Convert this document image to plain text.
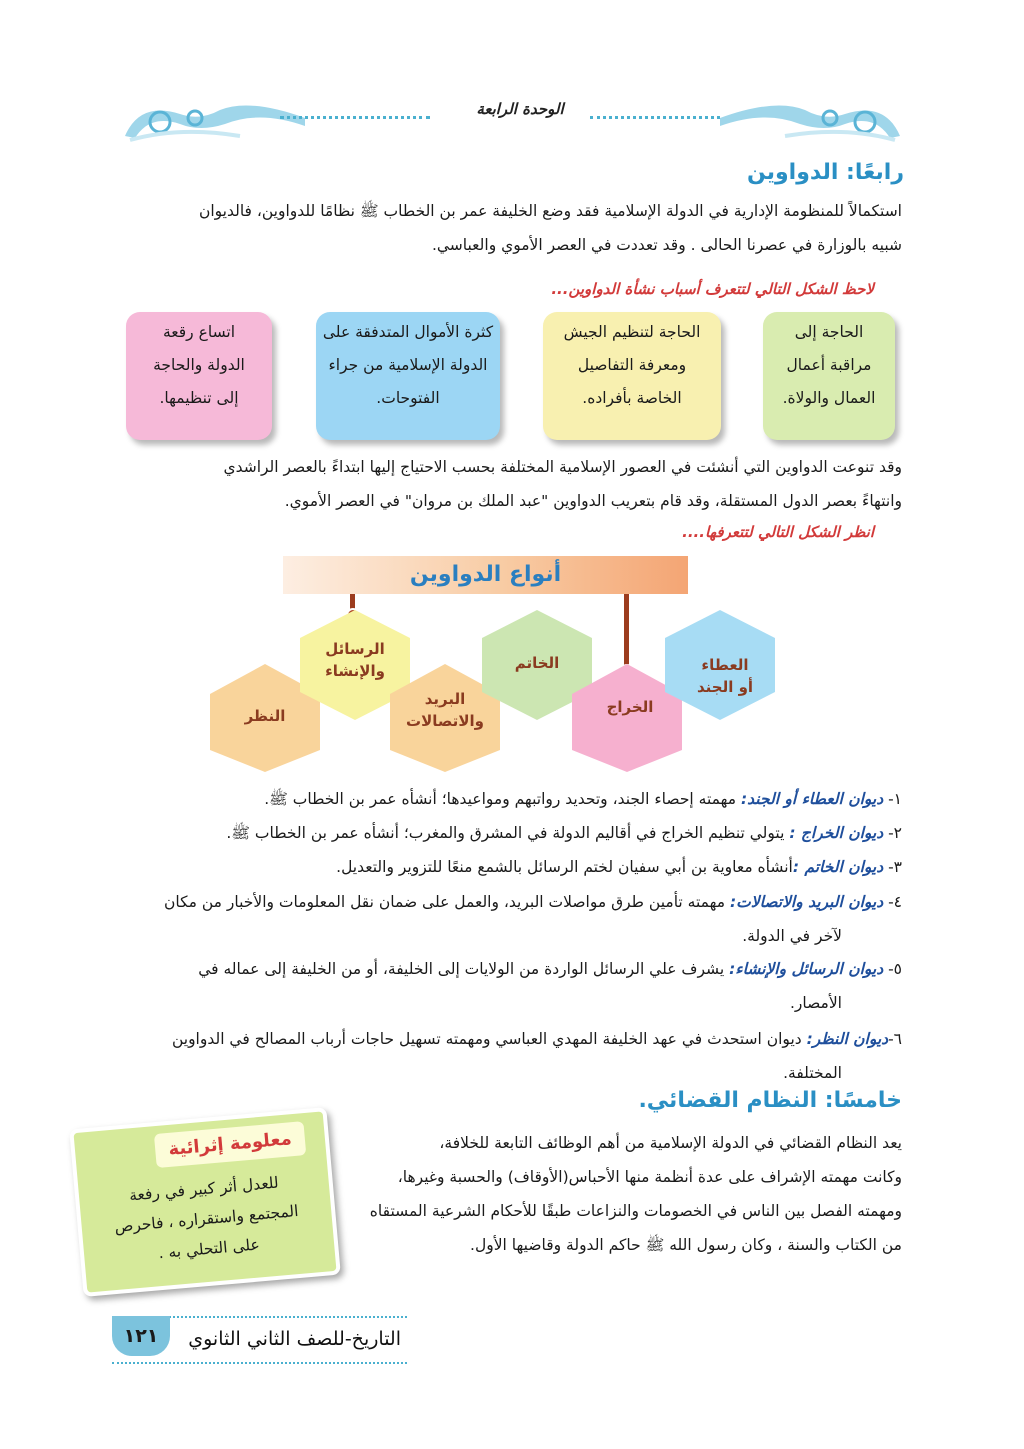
الوحدة الرابعة
رابعًا: الدواوين
استكمالاً للمنظومة الإدارية في الدولة الإسلامية فقد وضع الخليفة عمر بن الخطاب ﷺ نظامًا للدواوين، فالديوان
شبيه بالوزارة في عصرنا الحالى . وقد تعددت في العصر الأموي والعباسي.
لاحظ الشكل التالي لتتعرف أسباب نشأة الدواوين...
الحاجة إلى
مراقبة أعمال
العمال والولاة.
الحاجة لتنظيم الجيش
ومعرفة التفاصيل
الخاصة بأفراده.
كثرة الأموال المتدفقة على
الدولة الإسلامية من جراء
الفتوحات.
اتساع رقعة
الدولة والحاجة
إلى تنظيمها.
وقد تنوعت الدواوين التي أنشئت في العصور الإسلامية المختلفة بحسب الاحتياج إليها ابتداءً بالعصر الراشدي
وانتهاءً بعصر الدول المستقلة، وقد قام بتعريب الدواوين "عبد الملك بن مروان" في العصر الأموي.
انظر الشكل التالي لتتعرفها....
أنواع الدواوين
العطاء
أو الجند
الخراج
الخاتم
البريد
والاتصالات
الرسائل
والإنشاء
النظر
١- ديوان العطاء أو الجند: مهمته إحصاء الجند، وتحديد رواتبهم ومواعيدها؛ أنشأه عمر بن الخطاب ﷺ.
٢- ديوان الخراج : يتولي تنظيم الخراج في أقاليم الدولة في المشرق والمغرب؛ أنشأه عمر بن الخطاب ﷺ.
٣- ديوان الخاتم :أنشأه معاوية بن أبي سفيان لختم الرسائل بالشمع منعًا للتزوير والتعديل.
٤- ديوان البريد والاتصالات: مهمته تأمين طرق مواصلات البريد، والعمل على ضمان نقل المعلومات والأخبار من مكان
لآخر في الدولة.
٥- ديوان الرسائل والإنشاء: يشرف علي الرسائل الواردة من الولايات إلى الخليفة، أو من الخليفة إلى عماله في
الأمصار.
٦-ديوان النظر: ديوان استحدث في عهد الخليفة المهدي العباسي ومهمته تسهيل حاجات أرباب المصالح في الدواوين
المختلفة.
خامسًا: النظام القضائي.
يعد النظام القضائي في الدولة الإسلامية من أهم الوظائف التابعة للخلافة،
وكانت مهمته الإشراف على عدة أنظمة منها الأحباس(الأوقاف) والحسبة وغيرها،
ومهمته الفصل بين الناس في الخصومات والنزاعات طبقًا للأحكام الشرعية المستقاه
من الكتاب والسنة ، وكان رسول الله ﷺ حاكم الدولة وقاضيها الأول.
معلومة إثرائية
للعدل أثر كبير في رفعة
المجتمع واستقراره ، فاحرص
على التحلي به .
١٢١	التاريخ-للصف الثاني الثانوي
